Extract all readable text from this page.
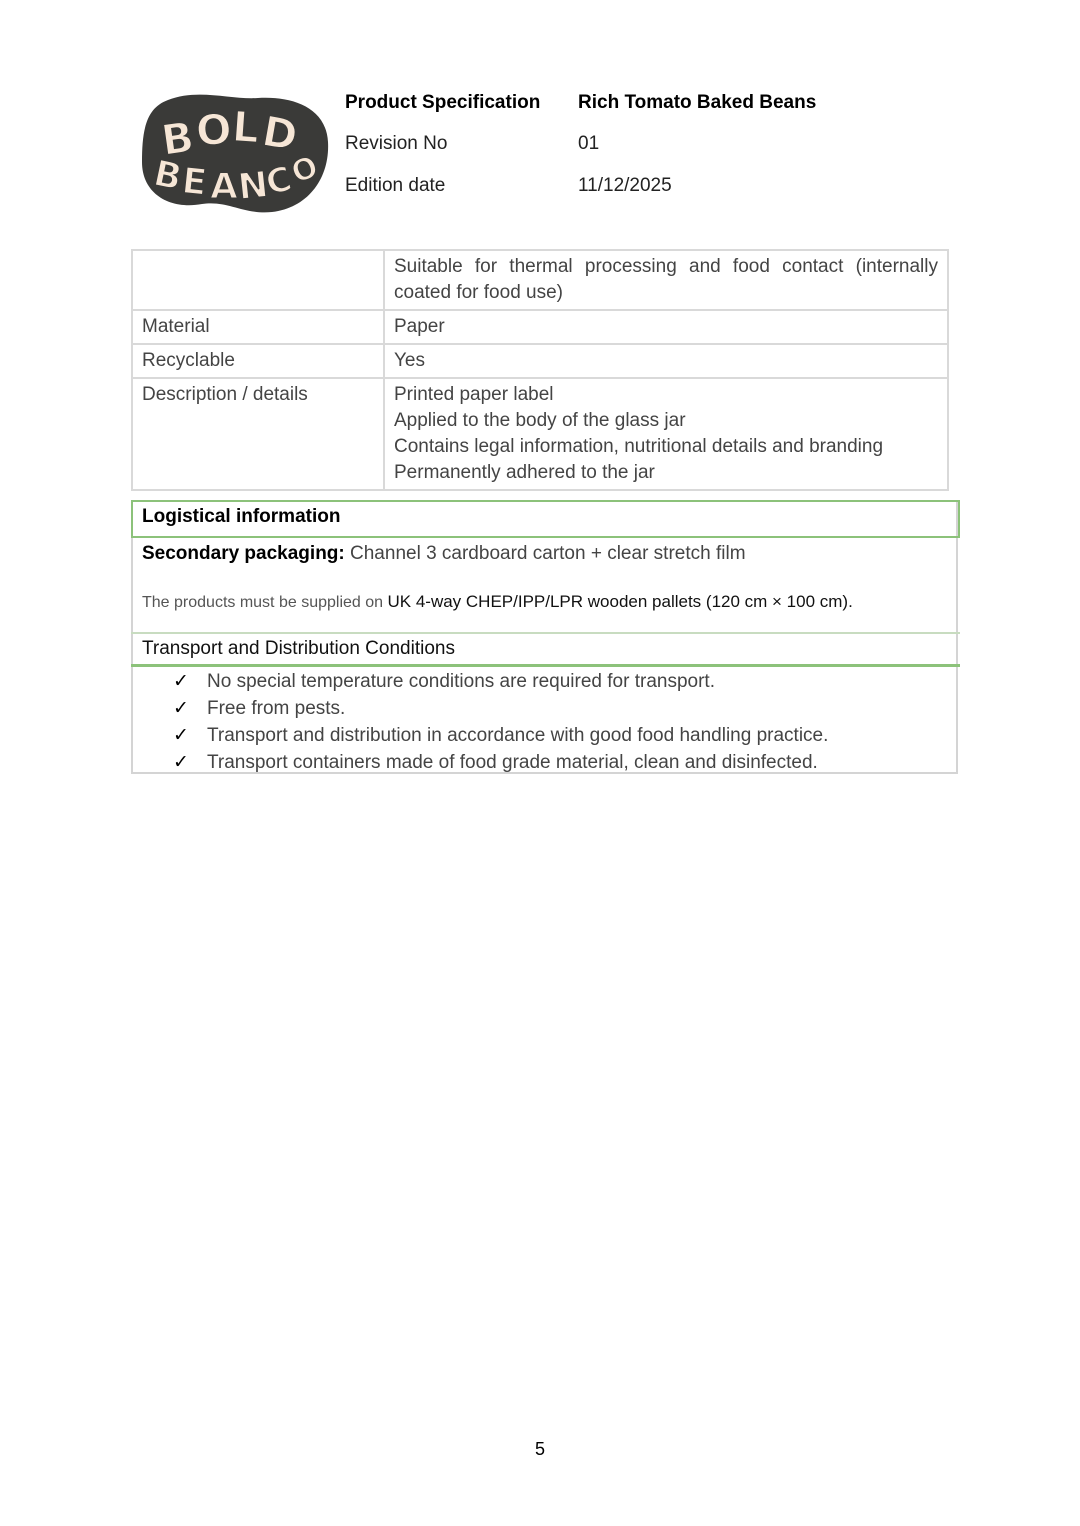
B
O
L
D
B
E A
N
C
O
Product Specification Rich Tomato Baked Beans
Revision No	01
Edition date	11/12/2025
	Suitable for thermal processing and food contact (internally coated for food use)
Material	Paper
Recyclable	Yes
Description / details	Printed paper label
Applied to the body of the glass jar
Contains legal information, nutritional details and branding
Permanently adhered to the jar
Logistical information
Secondary packaging: Channel 3 cardboard carton + clear stretch film
The products must be supplied on UK 4-way CHEP/IPP/LPR wooden pallets (120 cm × 100 cm).
Transport and Distribution Conditions
✓ No special temperature conditions are required for transport.
✓ Free from pests.
✓ Transport and distribution in accordance with good food handling practice.
✓ Transport containers made of food grade material, clean and disinfected.
5
